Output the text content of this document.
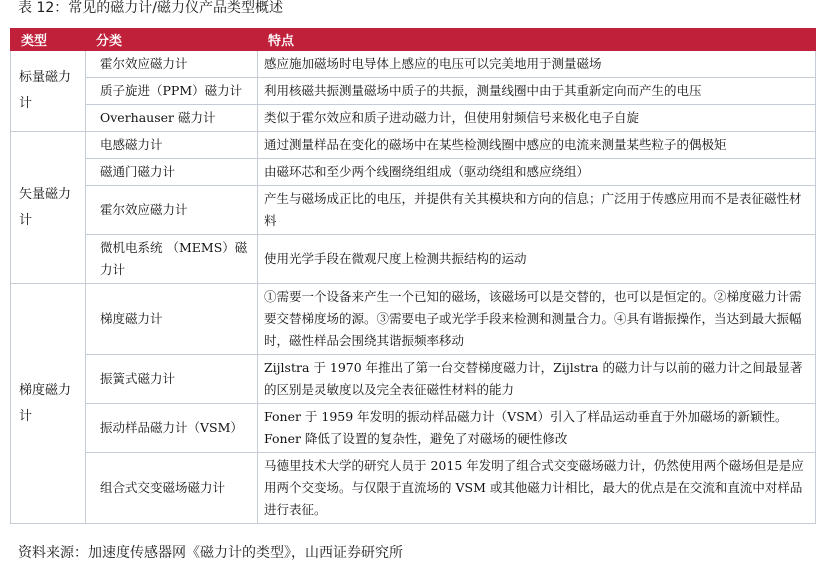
表 12：常见的磁力计/磁力仪产品类型概述
类型	分类	特点
标量磁力计	霍尔效应磁力计	感应施加磁场时电导体上感应的电压可以完美地用于测量磁场
	质子旋进（PPM）磁力计	利用核磁共振测量磁场中质子的共振，测量线圈中由于其重新定向而产生的电压
	Overhauser 磁力计	类似于霍尔效应和质子进动磁力计，但使用射频信号来极化电子自旋
矢量磁力计	电感磁力计	通过测量样品在变化的磁场中在某些检测线圈中感应的电流来测量某些粒子的偶极矩
	磁通门磁力计	由磁环芯和至少两个线圈绕组组成（驱动绕组和感应绕组）
	霍尔效应磁力计	产生与磁场成正比的电压，并提供有关其模块和方向的信息；广泛用于传感应用而不是表征磁性材料
	微机电系统 （MEMS）磁力计	使用光学手段在微观尺度上检测共振结构的运动
梯度磁力计	梯度磁力计	①需要一个设备来产生一个已知的磁场，该磁场可以是交替的，也可以是恒定的。②梯度磁力计需要交替梯度场的源。③需要电子或光学手段来检测和测量合力。④具有谐振操作，当达到最大振幅时，磁性样品会围绕其谐振频率移动
	振簧式磁力计	Zijlstra 于 1970 年推出了第一台交替梯度磁力计，Zijlstra 的磁力计与以前的磁力计之间最显著的区别是灵敏度以及完全表征磁性材料的能力
	振动样品磁力计（VSM）	Foner 于 1959 年发明的振动样品磁力计（VSM）引入了样品运动垂直于外加磁场的新颖性。Foner 降低了设置的复杂性，避免了对磁场的硬性修改
	组合式交变磁场磁力计	马德里技术大学的研究人员于 2015 年发明了组合式交变磁场磁力计，仍然使用两个磁场但是是应用两个交变场。与仅限于直流场的 VSM 或其他磁力计相比，最大的优点是在交流和直流中对样品进行表征。
资料来源：加速度传感器网《磁力计的类型》，山西证券研究所
